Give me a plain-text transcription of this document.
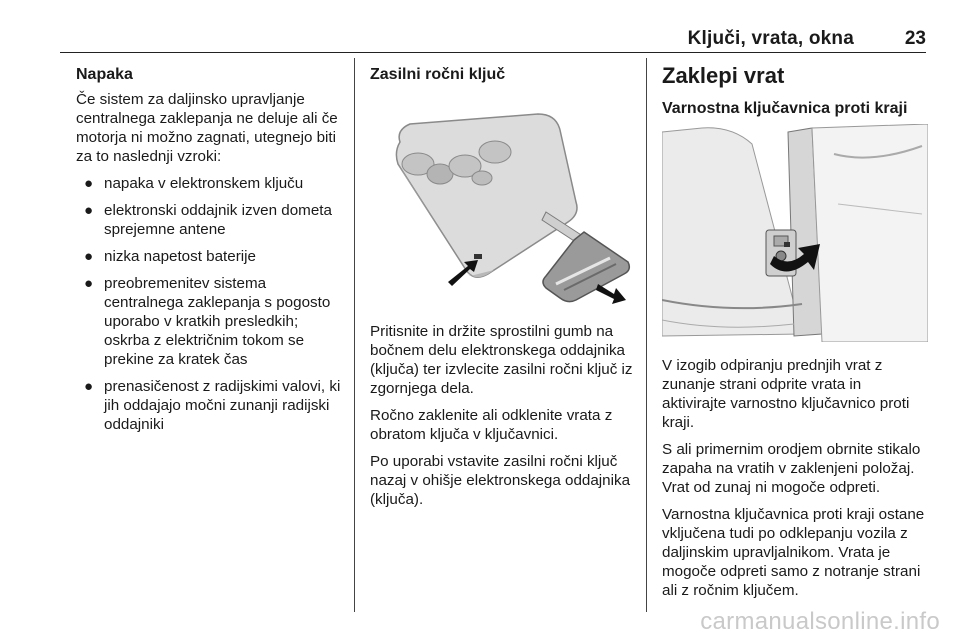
Ključi, vrata, okna	23
Napaka

Če sistem za daljinsko upravljanje centralnega zaklepanja ne deluje ali če motorja ni možno zagnati, utegnejo biti za to naslednji vzroki:

● napaka v elektronskem ključu
● elektronski oddajnik izven dometa sprejemne antene
● nizka napetost baterije
● preobremenitev sistema centralnega zaklepanja s pogosto uporabo v kratkih presledkih; oskrba z električnim tokom se prekine za kratek čas
● prenasičenost z radijskimi valovi, ki jih oddajajo močni zunanji radijski oddajniki
Zasilni ročni ključ

Pritisnite in držite sprostilni gumb na bočnem delu elektronskega oddajnika (ključa) ter izvlecite zasilni ročni ključ iz zgornjega dela.

Ročno zaklenite ali odklenite vrata z obratom ključa v ključavnici.

Po uporabi vstavite zasilni ročni ključ nazaj v ohišje elektronskega oddajnika (ključa).

Zaklepi vrat
Varnostna ključavnica proti kraji

V izogib odpiranju prednjih vrat z zunanje strani odprite vrata in aktivirajte varnostno ključavnico proti kraji.

S ali primernim orodjem obrnite stikalo zapaha na vratih v zaklenjeni položaj. Vrat od zunaj ni mogoče odpreti.

Varnostna ključavnica proti kraji ostane vključena tudi po odklepanju vozila z daljinskim upravljalnikom. Vrata je mogoče odpreti samo z notranje strani ali z ročnim ključem.

carmanualsonline.info
